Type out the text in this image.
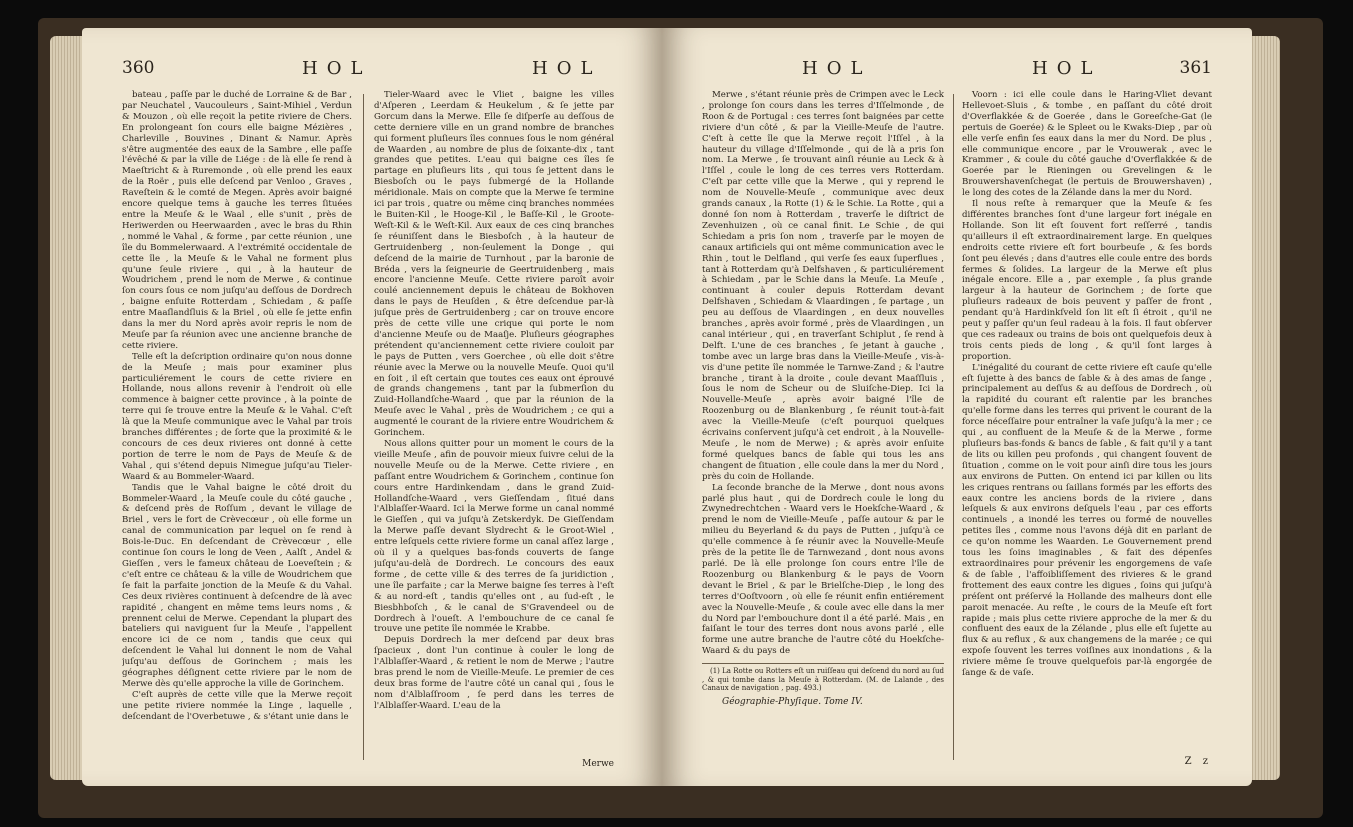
360	HOL	HOL

bateau , paſſe par le duché de Lorraine & de Bar , par Neuchatel , Vaucouleurs , Saint-Mihiel , Verdun & Mouzon , où elle reçoit la petite riviere de Chers. En prolongeant ſon cours elle baigne Mézières , Charleville , Bouvines , Dinant & Namur. Après s'être augmentée des eaux de la Sambre , elle paſſe l'évêché & par la ville de Liége : de là elle ſe rend à Maeſtricht & à Ruremonde , où elle prend les eaux de la Roër , puis elle deſcend par Venloo , Graves , Raveſtein & le comté de Megen. Après avoir baigné encore quelque tems à gauche les terres ſituées entre la Meuſe & le Waal , elle s'unit , près de Heriwerden ou Heerwaarden , avec le bras du Rhin , nommé le Vahal , & forme , par cette réunion , une île du Bommelerwaard. A l'extrémité occidentale de cette île , la Meuſe & le Vahal ne forment plus qu'une ſeule riviere , qui , à la hauteur de Woudrichem , prend le nom de Merwe , & continue ſon cours ſous ce nom juſqu'au deſſous de Dordrech , baigne enſuite Rotterdam , Schiedam , & paſſe entre Maaſlandſluis & la Briel , où elle ſe jette enfin dans la mer du Nord après avoir repris le nom de Meuſe par ſa réunion avec une ancienne branche de cette riviere.

Telle eſt la deſcription ordinaire qu'on nous donne de la Meuſe ; mais pour examiner plus particuliérement le cours de cette riviere en Hollande, nous allons revenir à l'endroit où elle commence à baigner cette province , à la pointe de terre qui ſe trouve entre la Meuſe & le Vahal. C'eſt là que la Meuſe communique avec le Vahal par trois branches différentes ; de ſorte que la proximité & le concours de ces deux rivieres ont donné à cette portion de terre le nom de Pays de Meuſe & de Vahal , qui s'étend depuis Nimegue juſqu'au Tieler-Waard & au Bommeler-Waard.

Tandis que le Vahal baigne le côté droit du Bommeler-Waard , la Meuſe coule du côté gauche , & deſcend près de Roſſum , devant le village de Briel , vers le fort de Crèvecœur , où elle forme un canal de communication par lequel on ſe rend à Bois-le-Duc. En deſcendant de Crèvecœur , elle continue ſon cours le long de Veen , Aalſt , Andel & Gieſſen , vers le fameux château de Loeveſtein ; & c'eſt entre ce château & la ville de Woudrichem que ſe fait la parfaite jonction de la Meuſe & du Vahal. Ces deux rivières continuent à deſcendre de là avec rapidité , changent en même tems leurs noms , & prennent celui de Merwe. Cependant la plupart des bateliers qui naviguent ſur la Meuſe , l'appellent encore ici de ce nom , tandis que ceux qui deſcendent le Vahal lui donnent le nom de Vahal juſqu'au deſſous de Gorinchem ; mais les géographes déſignent cette riviere par le nom de Merwe dès qu'elle approche la ville de Gorinchem.

C'eſt auprès de cette ville que la Merwe reçoit une petite riviere nommée la Linge , laquelle , deſcendant de l'Overbetuwe , & s'étant unie dans le

Tieler-Waard avec le Vliet , baigne les villes d'Aſperen , Leerdam & Heukelum , & ſe jette par Gorcum dans la Merwe. Elle ſe diſperſe au deſſous de cette derniere ville en un grand nombre de branches qui forment pluſieurs îles connues ſous le nom général de Waarden , au nombre de plus de ſoixante-dix , tant grandes que petites. L'eau qui baigne ces îles ſe partage en pluſieurs lits , qui tous ſe jettent dans le Biesboſch ou le pays ſubmergé de la Hollande méridionale. Mais on compte que la Merwe ſe termine ici par trois , quatre ou même cinq branches nommées le Buiten-Kil , le Hooge-Kil , le Baſſe-Kil , le Groote-Weſt-Kil & le Weſt-Kil. Aux eaux de ces cinq branches ſe réuniſſent dans le Biesboſch , à la hauteur de Gertruidenberg , non-ſeulement la Donge , qui deſcend de la mairie de Turnhout , par la baronie de Bréda , vers la ſeigneurie de Geertruidenberg , mais encore l'ancienne Meuſe. Cette riviere paroît avoir coulé anciennement depuis le château de Bokhoven dans le pays de Heuſden , & être deſcendue par-là juſque près de Gertruidenberg ; car on trouve encore près de cette ville une crique qui porte le nom d'ancienne Meuſe ou de Maaſje. Pluſieurs géographes prétendent qu'anciennement cette riviere couloit par le pays de Putten , vers Goerchee , où elle doit s'être réunie avec la Merwe ou la nouvelle Meuſe. Quoi qu'il en ſoit , il eſt certain que toutes ces eaux ont éprouvé de grands changemens , tant par la ſubmerſion du Zuid-Hollandſche-Waard , que par la réunion de la Meuſe avec le Vahal , près de Woudrichem ; ce qui a augmenté le courant de la riviere entre Woudrichem & Gorinchem.

Nous allons quitter pour un moment le cours de la vieille Meuſe , afin de pouvoir mieux ſuivre celui de la nouvelle Meuſe ou de la Merwe. Cette riviere , en paſſant entre Woudrichem & Gorinchem , continue ſon cours entre Hardinkendam , dans le grand Zuid-Hollandſche-Waard , vers Gieſſendam , ſitué dans l'Alblaſſer-Waard. Ici la Merwe forme un canal nommé le Gieſſen , qui va juſqu'à Zetskerdyk. De Gieſſendam la Merwe paſſe devant Slydrecht & le Groot-Wiel , entre leſquels cette riviere forme un canal aſſez large , où il y a quelques bas-fonds couverts de ſange juſqu'au-delà de Dordrech. Le concours des eaux forme , de cette ville & des terres de ſa juridiction , une île parfaite ; car la Merwe baigne ſes terres à l'eſt & au nord-eſt , tandis qu'elles ont , au ſud-eſt , le Biesbhboſch , & le canal de S'Gravendeel ou de Dordrech à l'oueſt. A l'embouchure de ce canal ſe trouve une petite île nommée le Krabbe.

Depuis Dordrech la mer deſcend par deux bras ſpacieux , dont l'un continue à couler le long de l'Alblaſſer-Waard , & retient le nom de Merwe ; l'autre bras prend le nom de Vieille-Meuſe. Le premier de ces deux bras forme de l'autre côté un canal qui , ſous le nom d'Alblaſſroom , ſe perd dans les terres de l'Alblaſſer-Waard. L'eau de la

Merwe
HOL	HOL	361

Merwe , s'étant réunie près de Crimpen avec le Leck , prolonge ſon cours dans les terres d'Iſſelmonde , de Roon & de Portugal : ces terres ſont baignées par cette riviere d'un côté , & par la Vieille-Meuſe de l'autre. C'eſt à cette île que la Merwe reçoit l'Iſſel , à la hauteur du village d'Iſſelmonde , qui de là a pris ſon nom. La Merwe , ſe trouvant ainſi réunie au Leck & à l'Iſſel , coule le long de ces terres vers Rotterdam. C'eſt par cette ville que la Merwe , qui y reprend le nom de Nouvelle-Meuſe , communique avec deux grands canaux , la Rotte (1) & le Schie. La Rotte , qui a donné ſon nom à Rotterdam , traverſe le diſtrict de Zevenhuizen , où ce canal finit. Le Schie , de qui Schiedam a pris ſon nom , traverſe par le moyen de canaux artificiels qui ont même communication avec le Rhin , tout le Delfland , qui verſe ſes eaux ſuperflues , tant à Rotterdam qu'à Delfshaven , & particuliérement à Schiedam , par le Schie dans la Meuſe. La Meuſe , continuant à couler depuis Rotterdam devant Delfshaven , Schiedam & Vlaardingen , ſe partage , un peu au deſſous de Vlaardingen , en deux nouvelles branches , après avoir formé , près de Vlaardingen , un canal intérieur , qui , en traverſant Schiplut , ſe rend à Delft. L'une de ces branches , ſe jetant à gauche , tombe avec un large bras dans la Vieille-Meuſe , vis-à-vis d'une petite île nommée le Tarnwe-Zand ; & l'autre branche , tirant à la droite , coule devant Maaſſluis , ſous le nom de Scheur ou de Sluiſche-Diep. Ici la Nouvelle-Meuſe , après avoir baigné l'île de Roozenburg ou de Blankenburg , ſe réunit tout-à-fait avec la Vieille-Meuſe (c'eſt pourquoi quelques écrivains conſervent juſqu'à cet endroit , à la Nouvelle-Meuſe , le nom de Merwe) ; & après avoir enſuite formé quelques bancs de ſable qui tous les ans changent de ſituation , elle coule dans la mer du Nord , près du coin de Hollande.

La ſeconde branche de la Merwe , dont nous avons parlé plus haut , qui de Dordrech coule le long du Zwynedrechtchen - Waard vers le Hoekſche-Waard , & prend le nom de Vieille-Meuſe , paſſe autour & par le milieu du Beyerland & du pays de Putten , juſqu'à ce qu'elle commence à ſe réunir avec la Nouvelle-Meuſe près de la petite île de Tarnwezand , dont nous avons parlé. De là elle prolonge ſon cours entre l'île de Roozenburg ou Blankenburg & le pays de Voorn devant le Briel , & par le Brielſche-Diep , le long des terres d'Ooſtvoorn , où elle ſe réunit enfin entiérement avec la Nouvelle-Meuſe , & coule avec elle dans la mer du Nord par l'embouchure dont il a été parlé. Mais , en faiſant le tour des terres dont nous avons parlé , elle forme une autre branche de l'autre côté du Hoekſche-Waard & du pays de

(1) La Rotte ou Rotters eſt un ruiſſeau qui deſcend du nord au ſud , & qui tombe dans la Meuſe à Rotterdam. (M. de Lalande , des Canaux de navigation , pag. 493.)

Géographie-Phyſique. Tome IV.

Voorn : ici elle coule dans le Haring-Vliet devant Hellevoet-Sluis , & tombe , en paſſant du côté droit d'Overflakkée & de Goerée , dans le Goreeſche-Gat (le pertuis de Goerée) & le Spleet ou le Kwaks-Diep , par où elle verſe enfin ſes eaux dans la mer du Nord. De plus , elle communique encore , par le Vrouwerak , avec le Krammer , & coule du côté gauche d'Overflakkée & de Goerée par le Rieningen ou Grevelingen & le Brouwershavenſchegat (le pertuis de Brouwershaven) , le long des cotes de la Zélande dans la mer du Nord.

Il nous reſte à remarquer que la Meuſe & ſes différentes branches ſont d'une largeur fort inégale en Hollande. Son lit eſt ſouvent fort reſſerré , tandis qu'ailleurs il eſt extraordinairement large. En quelques endroits cette riviere eſt fort bourbeuſe , & ſes bords ſont peu élevés ; dans d'autres elle coule entre des bords fermes & ſolides. La largeur de la Merwe eſt plus inégale encore. Elle a , par exemple , ſa plus grande largeur à la hauteur de Gorinchem ; de ſorte que pluſieurs radeaux de bois peuvent y paſſer de front , pendant qu'à Hardinkſveld ſon lit eſt ſi étroit , qu'il ne peut y paſſer qu'un ſeul radeau à la fois. Il faut obſerver que ces radeaux ou trains de bois ont quelquefois deux à trois cents pieds de long , & qu'il ſont larges à proportion.

L'inégalité du courant de cette riviere eſt cauſe qu'elle eſt ſujette à des bancs de ſable & à des amas de ſange , principalement au deſſus & au deſſous de Dordrech , où la rapidité du courant eſt ralentie par les branches qu'elle forme dans les terres qui privent le courant de la force néceſſaire pour entraîner la vaſe juſqu'à la mer ; ce qui , au confluent de la Meuſe & de la Merwe , forme pluſieurs bas-fonds & bancs de ſable , & fait qu'il y a tant de lits ou killen peu profonds , qui changent ſouvent de ſituation , comme on le voit pour ainſi dire tous les jours aux environs de Putten. On entend ici par killen ou lits les criques rentrans ou ſaillans formés par les efforts des eaux contre les anciens bords de la riviere , dans leſquels & aux environs deſquels l'eau , par ces efforts continuels , a inondé les terres ou formé de nouvelles petites îles , comme nous l'avons déjà dit en parlant de ce qu'on nomme les Waarden. Le Gouvernement prend tous les ſoins imaginables , & fait des dépenſes extraordinaires pour prévenir les engorgemens de vaſe & de ſable , l'affoibliſſement des rivieres & le grand frottement des eaux contre les digues , ſoins qui juſqu'à préſent ont préſervé la Hollande des malheurs dont elle paroit menacée. Au reſte , le cours de la Meuſe eſt fort rapide ; mais plus cette riviere approche de la mer & du confluent des eaux de la Zélande , plus elle eſt ſujette au flux & au reflux , & aux changemens de la marée ; ce qui expoſe ſouvent les terres voiſines aux inondations , & la riviere même ſe trouve quelquefois par-là engorgée de ſange & de vaſe.

Z z
